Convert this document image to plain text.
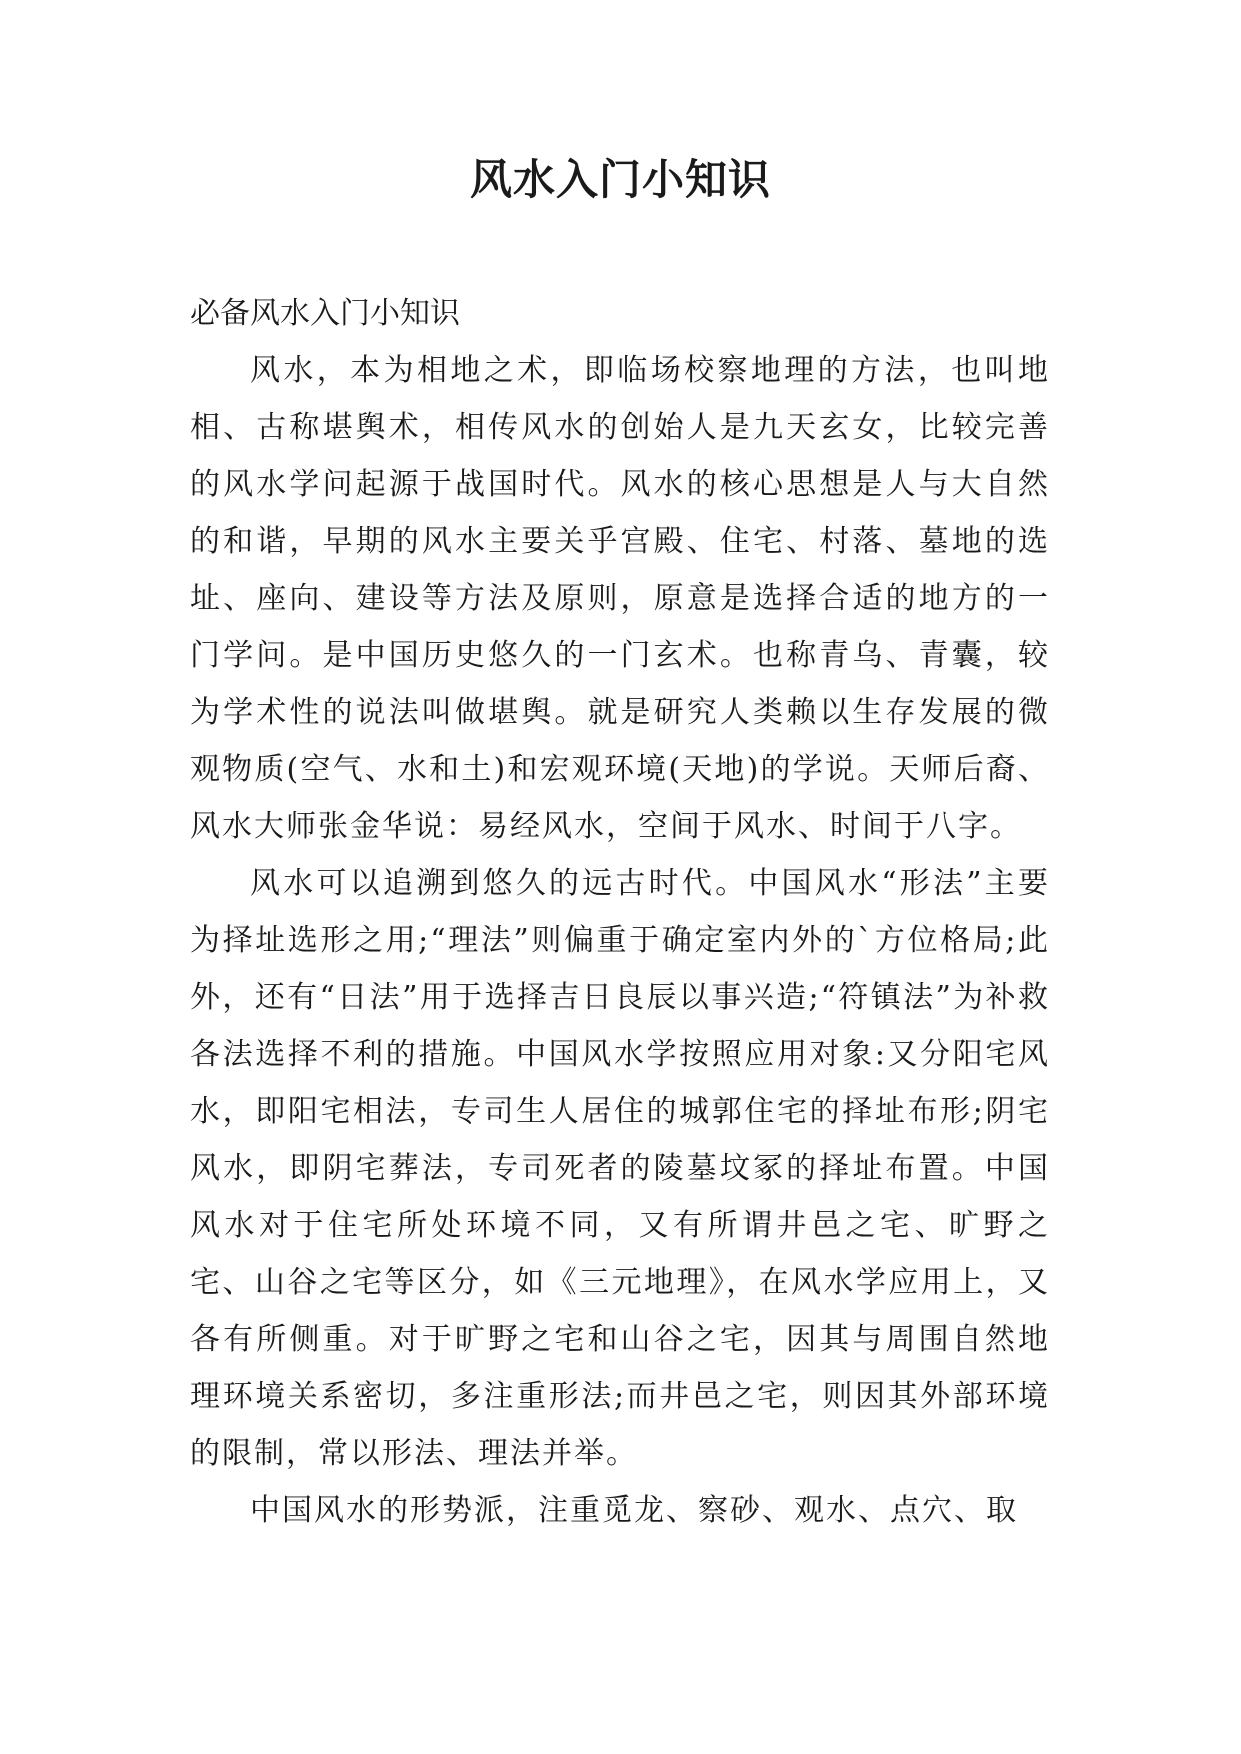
风水入门小知识

必备风水入门小知识

风水，本为相地之术，即临场校察地理的方法，也叫地相、古称堪舆术，相传风水的创始人是九天玄女，比较完善的风水学问起源于战国时代。风水的核心思想是人与大自然的和谐，早期的风水主要关乎宫殿、住宅、村落、墓地的选址、座向、建设等方法及原则，原意是选择合适的地方的一门学问。是中国历史悠久的一门玄术。也称青乌、青囊，较为学术性的说法叫做堪舆。就是研究人类赖以生存发展的微观物质(空气、水和土)和宏观环境(天地)的学说。天师后裔、风水大师张金华说：易经风水，空间于风水、时间于八字。

风水可以追溯到悠久的远古时代。中国风水“形法”主要为择址选形之用;“理法”则偏重于确定室内外的`方位格局;此外，还有“日法”用于选择吉日良辰以事兴造;“符镇法”为补救各法选择不利的措施。中国风水学按照应用对象:又分阳宅风水，即阳宅相法，专司生人居住的城郭住宅的择址布形;阴宅风水，即阴宅葬法，专司死者的陵墓坟冢的择址布置。中国风水对于住宅所处环境不同，又有所谓井邑之宅、旷野之宅、山谷之宅等区分，如《三元地理》，在风水学应用上，又各有所侧重。对于旷野之宅和山谷之宅，因其与周围自然地理环境关系密切，多注重形法;而井邑之宅，则因其外部环境的限制，常以形法、理法并举。

中国风水的形势派，注重觅龙、察砂、观水、点穴、取
